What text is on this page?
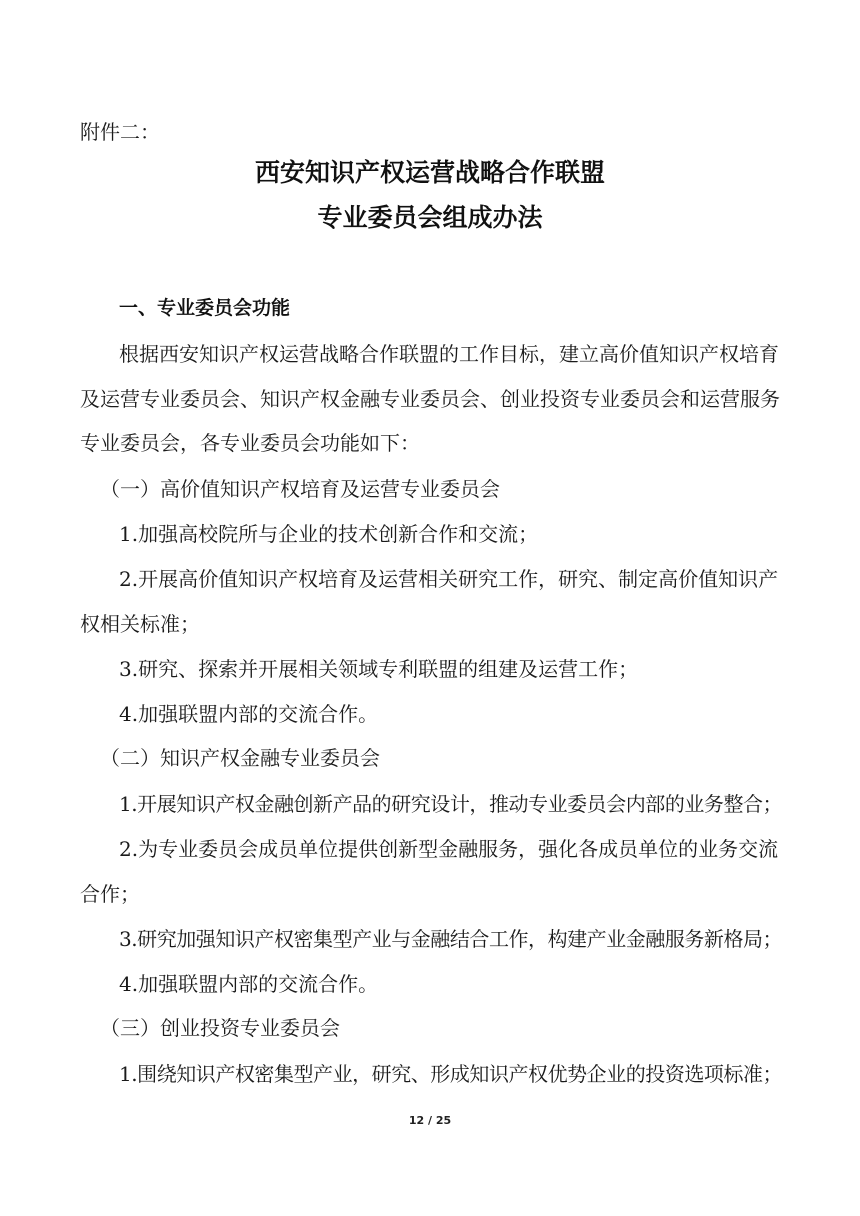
附件二：
西安知识产权运营战略合作联盟
专业委员会组成办法
一、专业委员会功能
根据西安知识产权运营战略合作联盟的工作目标，建立高价值知识产权培育
及运营专业委员会、知识产权金融专业委员会、创业投资专业委员会和运营服务
专业委员会，各专业委员会功能如下：
（一）高价值知识产权培育及运营专业委员会
1.加强高校院所与企业的技术创新合作和交流；
2.开展高价值知识产权培育及运营相关研究工作，研究、制定高价值知识产
权相关标准；
3.研究、探索并开展相关领域专利联盟的组建及运营工作；
4.加强联盟内部的交流合作。
（二）知识产权金融专业委员会
1.开展知识产权金融创新产品的研究设计，推动专业委员会内部的业务整合；
2.为专业委员会成员单位提供创新型金融服务，强化各成员单位的业务交流
合作；
3.研究加强知识产权密集型产业与金融结合工作，构建产业金融服务新格局；
4.加强联盟内部的交流合作。
（三）创业投资专业委员会
1.围绕知识产权密集型产业，研究、形成知识产权优势企业的投资选项标准；
12 / 25
